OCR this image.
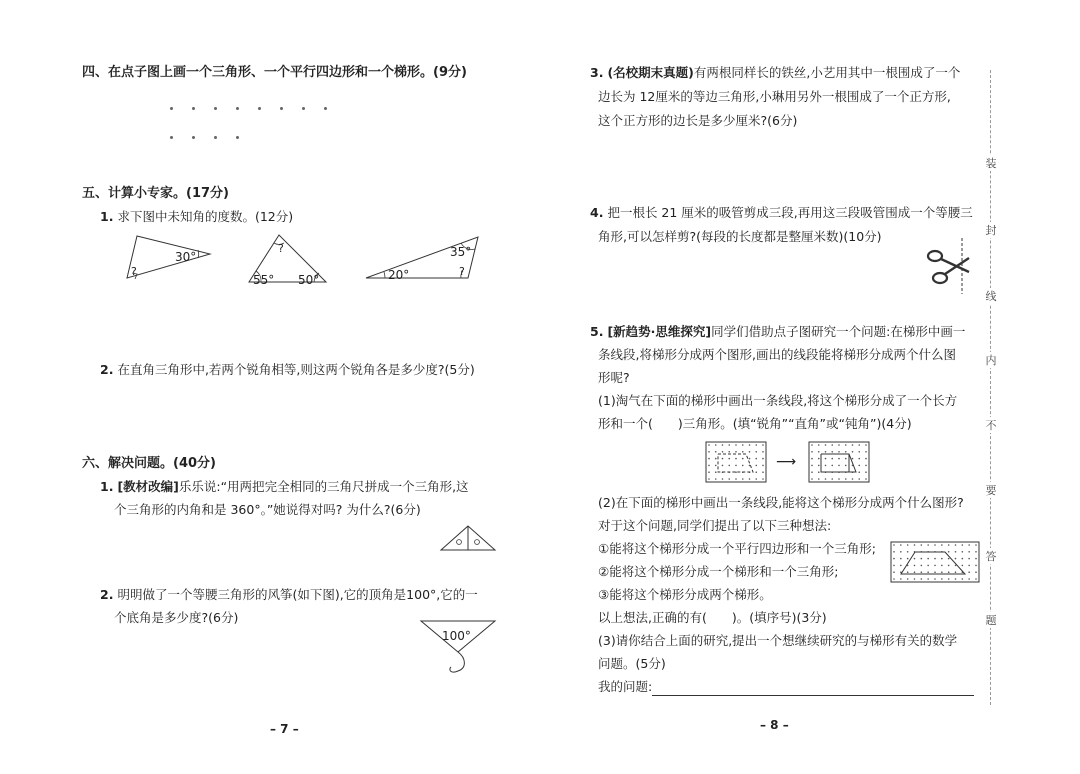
四、在点子图上画一个三角形、一个平行四边形和一个梯形。(9分)
五、计算小专家。(17分)
1. 求下图中未知角的度数。(12分)
30°
?
?
55° 50°	20°
35°
?
2. 在直角三角形中,若两个锐角相等,则这两个锐角各是多少度?(5分)
六、解决问题。(40分)
1. [教材改编]乐乐说:“用两把完全相同的三角尺拼成一个三角形,这
个三角形的内角和是 360°。”她说得对吗? 为什么?(6分)
2. 明明做了一个等腰三角形的风筝(如下图),它的顶角是100°,它的一
个底角是多少度?(6分)
100°
– 7 –
3. (名校期末真题)有两根同样长的铁丝,小艺用其中一根围成了一个
边长为 12厘米的等边三角形,小琳用另外一根围成了一个正方形,
这个正方形的边长是多少厘米?(6分)
4. 把一根长 21 厘米的吸管剪成三段,再用这三段吸管围成一个等腰三
角形,可以怎样剪?(每段的长度都是整厘米数)(10分)
5. [新趋势·思维探究]同学们借助点子图研究一个问题:在梯形中画一
条线段,将梯形分成两个图形,画出的线段能将梯形分成两个什么图
形呢?
(1)淘气在下面的梯形中画出一条线段,将这个梯形分成了一个长方
形和一个(　　)三角形。(填“锐角”“直角”或“钝角”)(4分)
⟶
(2)在下面的梯形中画出一条线段,能将这个梯形分成两个什么图形?
对于这个问题,同学们提出了以下三种想法:
①能将这个梯形分成一个平行四边形和一个三角形;
②能将这个梯形分成一个梯形和一个三角形;
③能将这个梯形分成两个梯形。
以上想法,正确的有(　　)。(填序号)(3分)
(3)请你结合上面的研究,提出一个想继续研究的与梯形有关的数学
问题。(5分)
我的问题:
– 8 –
装
封
线
内
不
要
答
题
